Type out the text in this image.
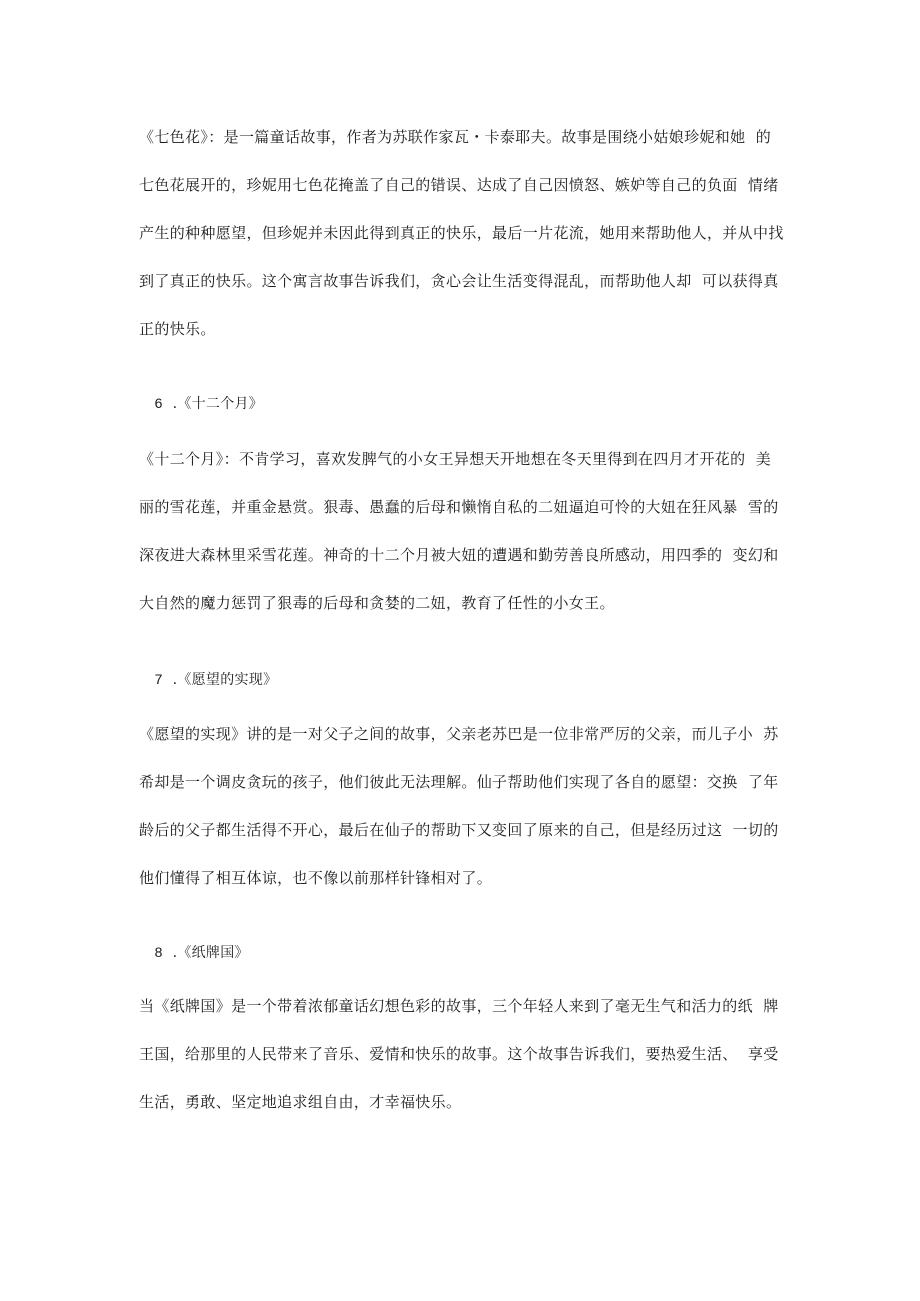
《七色花》：是一篇童话故事，作者为苏联作家瓦・卡泰耶夫。故事是围绕小姑娘珍妮和她  的
七色花展开的，珍妮用七色花掩盖了自己的错误、达成了自己因愤怒、嫉妒等自己的负面  情绪
产生的种种愿望，但珍妮并未因此得到真正的快乐，最后一片花流，她用来帮助他人，并从中找
到了真正的快乐。这个寓言故事告诉我们，贪心会让生活变得混乱，而帮助他人却  可以获得真
正的快乐。

6 .《十二个月》

《十二个月》：不肯学习，喜欢发脾气的小女王异想天开地想在冬天里得到在四月才开花的  美
丽的雪花莲，并重金悬赏。狠毒、愚蠢的后母和懒惰自私的二妞逼迫可怜的大妞在狂风暴  雪的
深夜进大森林里采雪花莲。神奇的十二个月被大妞的遭遇和勤劳善良所感动，用四季的  变幻和
大自然的魔力惩罚了狠毒的后母和贪婪的二妞，教育了任性的小女王。

7 .《愿望的实现》

《愿望的实现》讲的是一对父子之间的故事，父亲老苏巴是一位非常严厉的父亲，而儿子小  苏
希却是一个调皮贪玩的孩子，他们彼此无法理解。仙子帮助他们实现了各自的愿望：交换  了年
龄后的父子都生活得不开心，最后在仙子的帮助下又变回了原来的自己，但是经历过这  一切的
他们懂得了相互体谅，也不像以前那样针锋相对了。

8 .《纸牌国》

当《纸牌国》是一个带着浓郁童话幻想色彩的故事，三个年轻人来到了毫无生气和活力的纸  牌
王国，给那里的人民带来了音乐、爱情和快乐的故事。这个故事告诉我们，要热爱生活、  享受
生活，勇敢、坚定地追求组自由，才幸福快乐。
